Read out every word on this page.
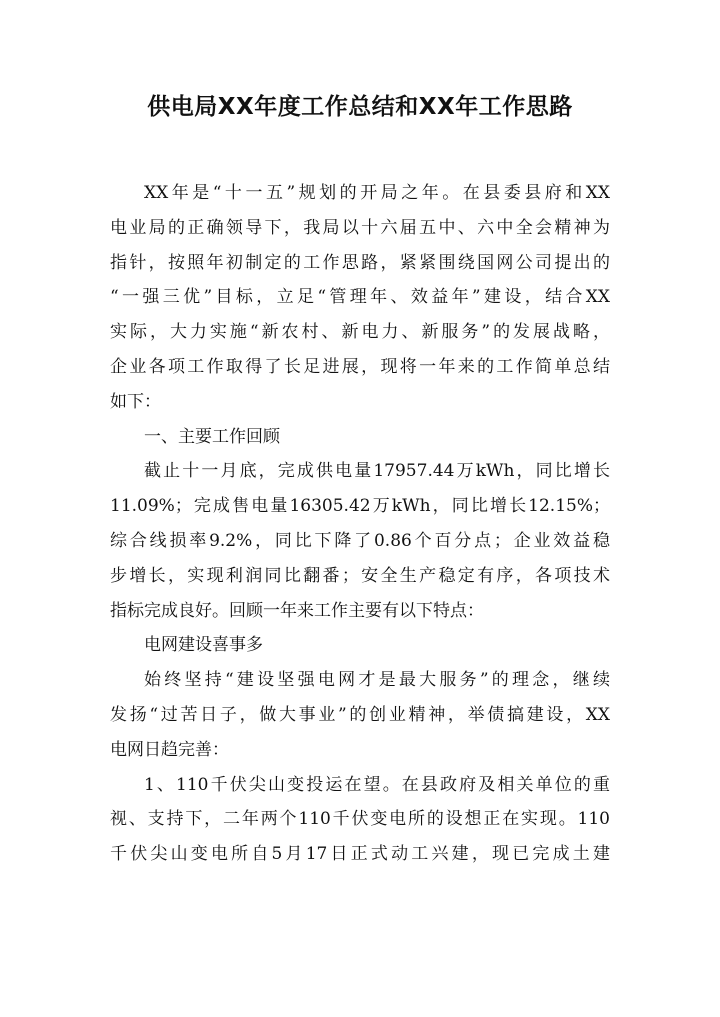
供电局XX年度工作总结和XX年工作思路
XX年是“十一五”规划的开局之年。在县委县府和XX
电业局的正确领导下，我局以十六届五中、六中全会精神为
指针，按照年初制定的工作思路，紧紧围绕国网公司提出的
“一强三优”目标，立足“管理年、效益年”建设，结合XX
实际，大力实施“新农村、新电力、新服务”的发展战略，
企业各项工作取得了长足进展，现将一年来的工作简单总结
如下：
一、主要工作回顾
截止十一月底，完成供电量17957.44万kWh，同比增长
11.09%；完成售电量16305.42万kWh，同比增长12.15%；
综合线损率9.2%，同比下降了0.86个百分点；企业效益稳
步增长，实现利润同比翻番；安全生产稳定有序，各项技术
指标完成良好。回顾一年来工作主要有以下特点：
电网建设喜事多
始终坚持“建设坚强电网才是最大服务”的理念，继续
发扬“过苦日子，做大事业”的创业精神，举债搞建设，XX
电网日趋完善：
1、110千伏尖山变投运在望。在县政府及相关单位的重
视、支持下，二年两个110千伏变电所的设想正在实现。110
千伏尖山变电所自5月17日正式动工兴建，现已完成土建
